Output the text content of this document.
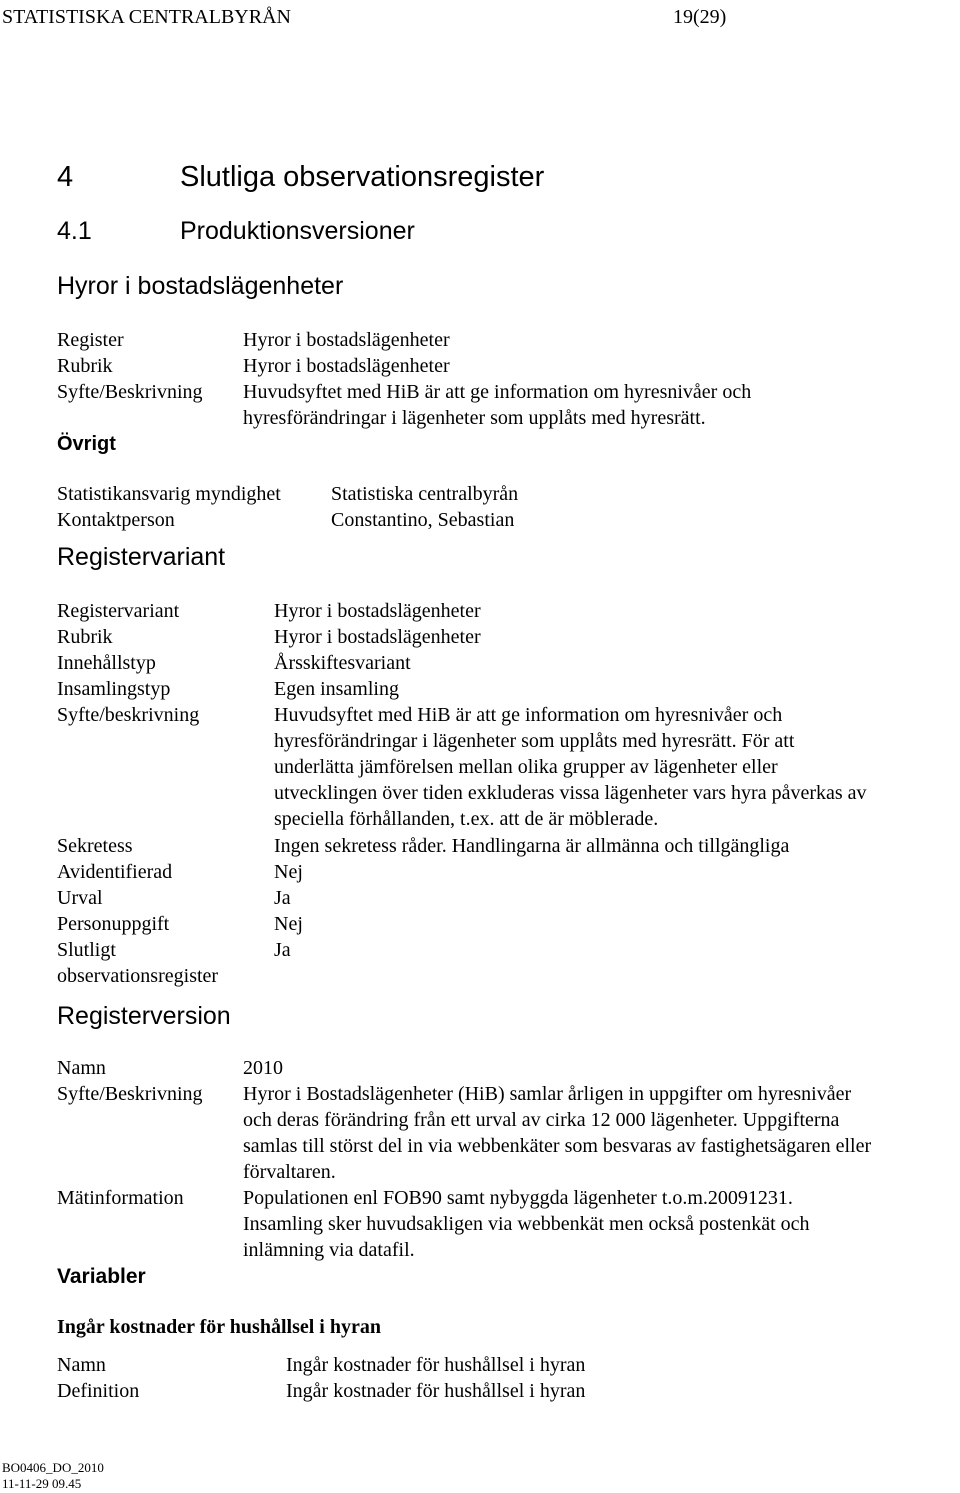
STATISTISKA CENTRALBYRÅN	19(29)
4	Slutliga observationsregister
4.1	Produktionsversioner
Hyror i bostadslägenheter
Register	Hyror i bostadslägenheter
Rubrik	Hyror i bostadslägenheter
Syfte/Beskrivning Huvudsyftet med HiB är att ge information om hyresnivåer och
hyresförändringar i lägenheter som upplåts med hyresrätt.
Övrigt
Statistikansvarig myndighet	Statistiska centralbyrån
Kontaktperson	Constantino, Sebastian
Registervariant
Registervariant	Hyror i bostadslägenheter
Rubrik	Hyror i bostadslägenheter
Innehållstyp	Årsskiftesvariant
Insamlingstyp	Egen insamling
Syfte/beskrivning	Huvudsyftet med HiB är att ge information om hyresnivåer och
hyresförändringar i lägenheter som upplåts med hyresrätt. För att
underlätta jämförelsen mellan olika grupper av lägenheter eller
utvecklingen över tiden exkluderas vissa lägenheter vars hyra påverkas av
speciella förhållanden, t.ex. att de är möblerade.
Sekretess	Ingen sekretess råder. Handlingarna är allmänna och tillgängliga
Avidentifierad	Nej
Urval	Ja
Personuppgift	Nej
Slutligt	Ja
observationsregister
Registerversion
Namn	2010
Syfte/Beskrivning Hyror i Bostadslägenheter (HiB) samlar årligen in uppgifter om hyresnivåer
och deras förändring från ett urval av cirka 12 000 lägenheter. Uppgifterna
samlas till störst del in via webbenkäter som besvaras av fastighetsägaren eller
förvaltaren.
Mätinformation	Populationen enl FOB90 samt nybyggda lägenheter t.o.m.20091231.
Insamling sker huvudsakligen via webbenkät men också postenkät och
inlämning via datafil.
Variabler
Ingår kostnader för hushållsel i hyran
Namn	Ingår kostnader för hushållsel i hyran
Definition	Ingår kostnader för hushållsel i hyran
BO0406_DO_2010
11-11-29 09.45
